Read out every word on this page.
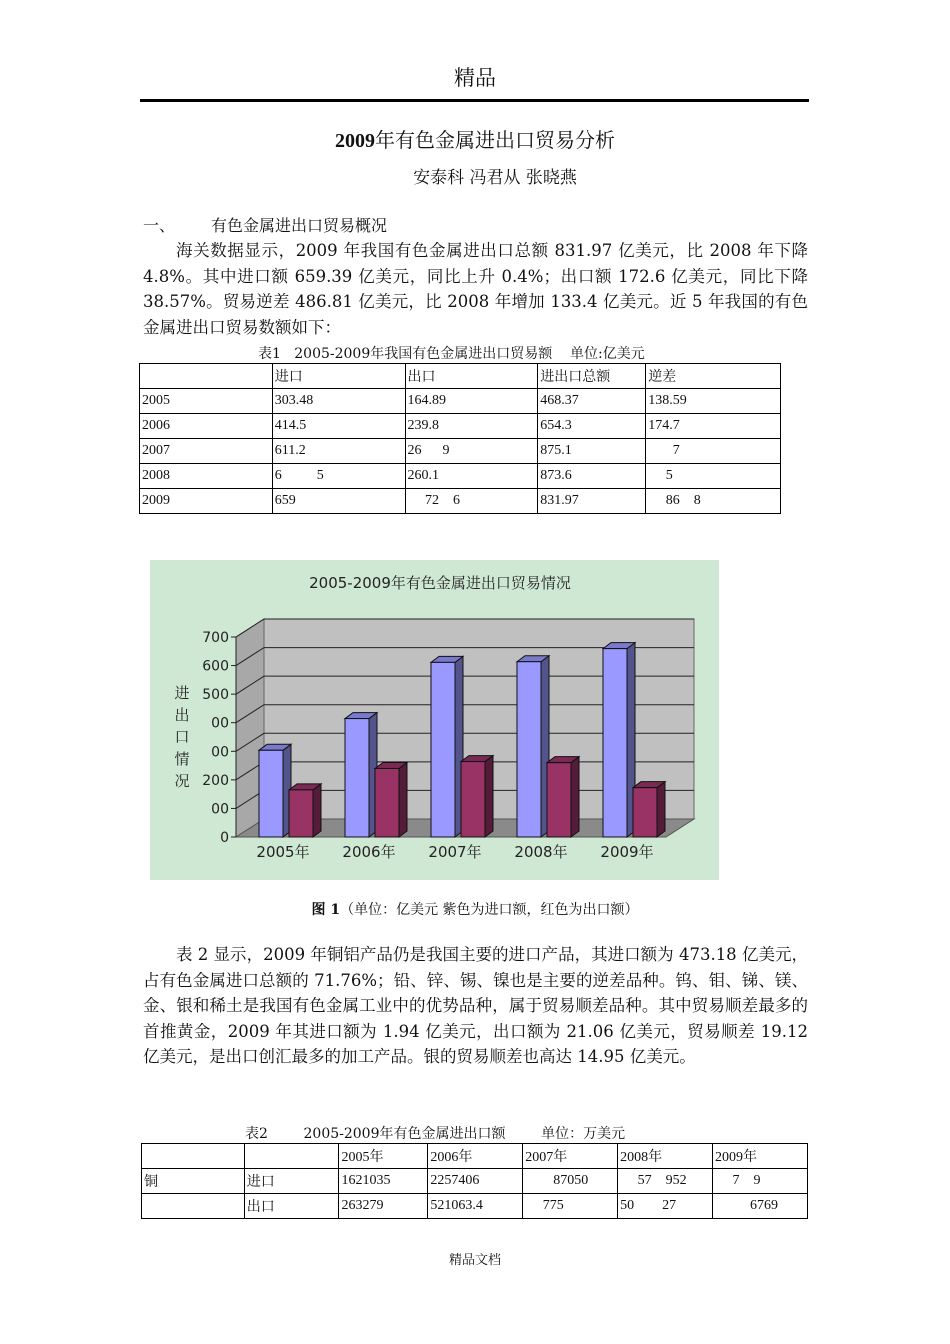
精品
2009年有色金属进出口贸易分析
安泰科 冯君从 张晓燕
一、 有色金属进出口贸易概况

海关数据显示，2009 年我国有色金属进出口总额 831.97 亿美元，比 2008 年下降 4.8%。其中进口额 659.39 亿美元，同比上升 0.4%；出口额 172.6 亿美元，同比下降 38.57%。贸易逆差 486.81 亿美元，比 2008 年增加 133.4 亿美元。近 5 年我国的有色金属进出口贸易数额如下：

表1   2005-2009年我国有色金属进出口贸易额    单位:亿美元
	进口	出口	进出口总额	逆差
2005	303.48	164.89	468.37	138.59
2006	414.5	239.8	654.3	174.7
2007	611.2	26      9	875.1	7
2008	6          5	260.1	873.6	5
2009	659	72    6	831.97	86    8
2005-2009年有色金属进出口贸易情况
进
出
口
情
况
0
00
200
00
00
500
600
700
2005年 2006年 2007年 2008年 2009年
图 1（单位：亿美元 紫色为进口额，红色为出口额）

表 2 显示，2009 年铜铝产品仍是我国主要的进口产品，其进口额为 473.18 亿美元，占有色金属进口总额的 71.76%；铅、锌、锡、镍也是主要的逆差品种。钨、钼、锑、镁、金、银和稀土是我国有色金属工业中的优势品种，属于贸易顺差品种。其中贸易顺差最多的首推黄金，2009 年其进口额为 1.94 亿美元，出口额为 21.06 亿美元，贸易顺差 19.12 亿美元，是出口创汇最多的加工产品。银的贸易顺差也高达 14.95 亿美元。

表2        2005-2009年有色金属进出口额        单位：万美元
		2005年	2006年	2007年	2008年	2009年
铜	进口	1621035	2257406	87050	57    952	7    9
	出口	263279	521063.4	775	50        27	6769
精品文档
